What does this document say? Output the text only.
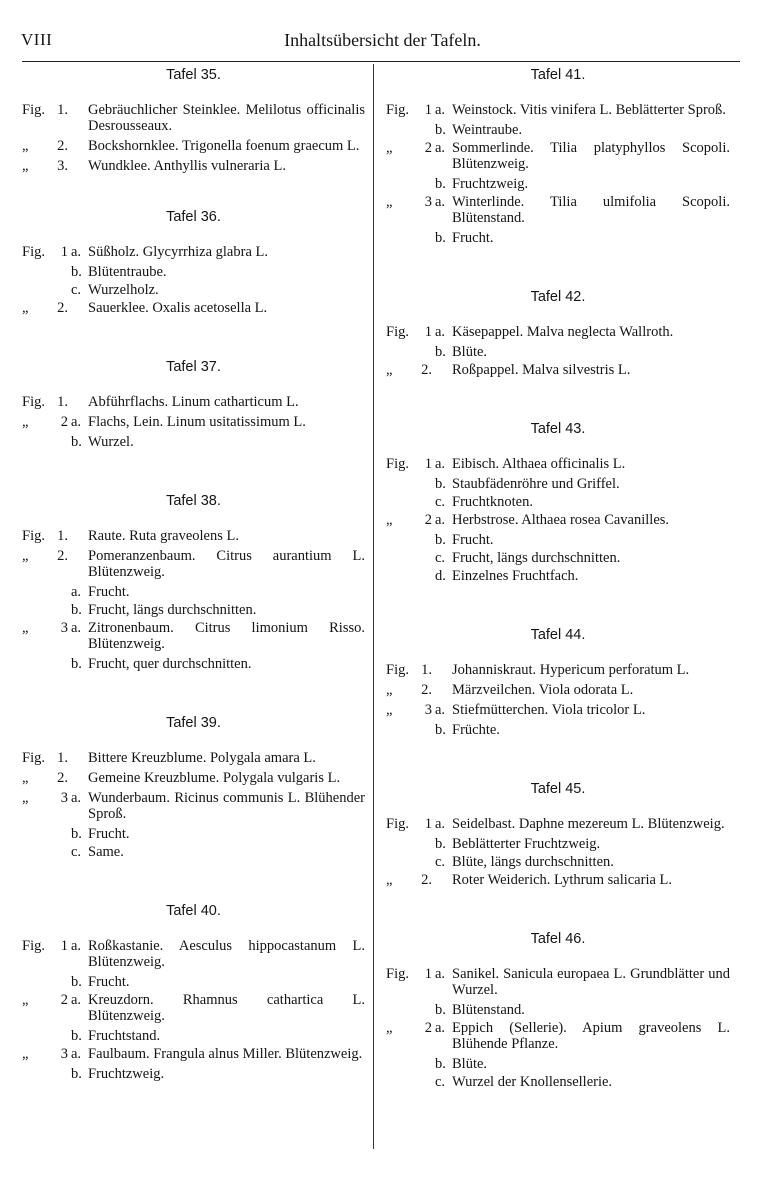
VIII	Inhaltsübersicht der Tafeln.
Tafel 35.
Fig. 1. Gebräuchlicher Steinklee. Melilotus officinalis Desrousseaux.
„	2. Bockshornklee. Trigonella foenum graecum L.
„	3. Wundklee. Anthyllis vulneraria L.
Tafel 36.
Fig.	1 a. Süßholz. Glycyrrhiza glabra L.
b. Blütentraube.
c. Wurzelholz.
„	2. Sauerklee. Oxalis acetosella L.
Tafel 37.
Fig. 1. Abführflachs. Linum catharticum L.
„	2 a. Flachs, Lein. Linum usitatissimum L.
b. Wurzel.
Tafel 38.
Fig. 1. Raute. Ruta graveolens L.
„	2. Pomeranzenbaum. Citrus aurantium L. Blütenzweig.
a. Frucht.
b. Frucht, längs durchschnitten.
„	3 a. Zitronenbaum. Citrus limonium Risso. Blütenzweig.
b. Frucht, quer durchschnitten.
Tafel 39.
Fig. 1. Bittere Kreuzblume. Polygala amara L.
„	2. Gemeine Kreuzblume. Polygala vulgaris L.
„	3 a. Wunderbaum. Ricinus communis L. Blühender Sproß.
b. Frucht.
c. Same.
Tafel 40.
Fig.	1 a. Roßkastanie. Aesculus hippocastanum L. Blütenzweig.
b. Frucht.
„	2 a. Kreuzdorn. Rhamnus cathartica L. Blütenzweig.
b. Fruchtstand.
„	3 a. Faulbaum. Frangula alnus Miller. Blütenzweig.
b. Fruchtzweig.
Tafel 41.
Fig.	1 a. Weinstock. Vitis vinifera L. Beblätterter Sproß.
b. Weintraube.
„	2 a. Sommerlinde. Tilia platyphyllos Scopoli. Blütenzweig.
b. Fruchtzweig.
„	3 a. Winterlinde. Tilia ulmifolia Scopoli. Blütenstand.
b. Frucht.
Tafel 42.
Fig.	1 a. Käsepappel. Malva neglecta Wallroth.
b. Blüte.
„	2. Roßpappel. Malva silvestris L.
Tafel 43.
Fig.	1 a. Eibisch. Althaea officinalis L.
b. Staubfädenröhre und Griffel.
c. Fruchtknoten.
„	2 a. Herbstrose. Althaea rosea Cavanilles.
b. Frucht.
c. Frucht, längs durchschnitten.
d. Einzelnes Fruchtfach.
Tafel 44.
Fig. 1. Johanniskraut. Hypericum perforatum L.
„	2. Märzveilchen. Viola odorata L.
„	3 a. Stiefmütterchen. Viola tricolor L.
b. Früchte.
Tafel 45.
Fig.	1 a. Seidelbast. Daphne mezereum L. Blütenzweig.
b. Beblätterter Fruchtzweig.
c. Blüte, längs durchschnitten.
„	2. Roter Weiderich. Lythrum salicaria L.
Tafel 46.
Fig.	1 a. Sanikel. Sanicula europaea L. Grundblätter und Wurzel.
b. Blütenstand.
„	2 a. Eppich (Sellerie). Apium graveolens L. Blühende Pflanze.
b. Blüte.
c. Wurzel der Knollensellerie.
